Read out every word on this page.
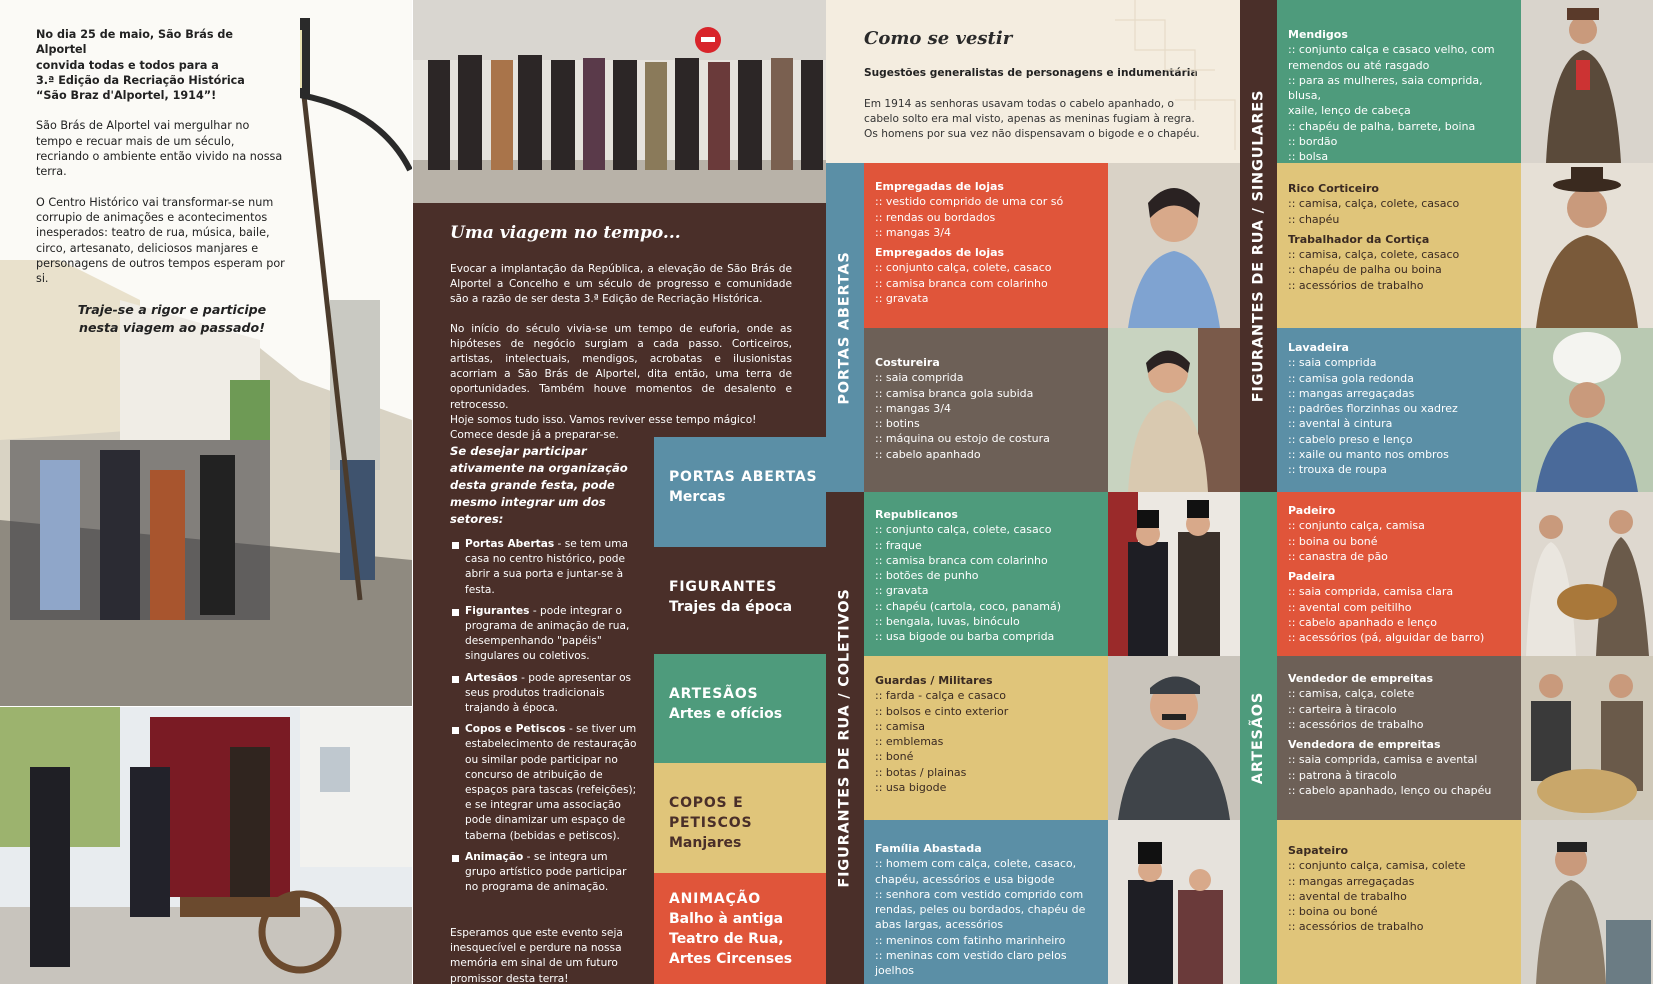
No dia 25 de maio, São Brás de Alportel
convida todas e todos para a
3.ª Edição da Recriação Histórica
“São Braz d'Alportel, 1914”!

São Brás de Alportel vai mergulhar no tempo e recuar mais de um século, recriando o ambiente então vivido na nossa terra.

O Centro Histórico vai transformar-se num corrupio de animações e acontecimentos inesperados: teatro de rua, música, baile, circo, artesanato, deliciosos manjares e personagens de outros tempos esperam por si.

Traje-se a rigor e participe nesta viagem ao passado!

Uma viagem no tempo...

Evocar a implantação da República, a elevação de São Brás de Alportel a Concelho e um século de progresso e comunidade são a razão de ser desta 3.ª Edição de Recriação Histórica.

No início do século vivia-se um tempo de euforia, onde as hipóteses de negócio surgiam a cada passo. Corticeiros, artistas, intelectuais, mendigos, acrobatas e ilusionistas acorriam a São Brás de Alportel, dita então, uma terra de oportunidades. Também houve momentos de desalento e retrocesso.
Hoje somos tudo isso. Vamos reviver esse tempo mágico!
Comece desde já a preparar-se.

Se desejar participar ativamente na organização desta grande festa, pode mesmo integrar um dos setores:
Portas Abertas - se tem uma casa no centro histórico, pode abrir a sua porta e juntar-se à festa.
Figurantes - pode integrar o programa de animação de rua, desempenhando "papéis" singulares ou coletivos.
Artesãos - pode apresentar os seus produtos tradicionais trajando à época.
Copos e Petiscos - se tiver um estabelecimento de restauração ou similar pode participar no concurso de atribuição de espaços para tascas (refeições); e se integrar uma associação pode dinamizar um espaço de taberna (bebidas e petiscos).
Animação - se integra um grupo artístico pode participar no programa de animação.
Esperamos que este evento seja inesquecível e perdure na nossa memória em sinal de um futuro promissor desta terra!
PORTAS ABERTAS
Mercas
FIGURANTES
Trajes da época
ARTESÃOS
Artes e ofícios
COPOS E PETISCOS
Manjares
ANIMAÇÃO
Balho à antiga
Teatro de Rua,
Artes Circenses
Como se vestir
Sugestões generalistas de personagens e indumentária
Em 1914 as senhoras usavam todas o cabelo apanhado, o cabelo solto era mal visto, apenas as meninas fugiam à regra. Os homens por sua vez não dispensavam o bigode e o chapéu.
PORTAS ABERTAS
FIGURANTES DE RUA / COLETIVOS
Empregadas de lojas
:: vestido comprido de uma cor só
:: rendas ou bordados
:: mangas 3/4
Empregados de lojas
:: conjunto calça, colete, casaco
:: camisa branca com colarinho
:: gravata
Costureira
:: saia comprida
:: camisa branca gola subida
:: mangas 3/4
:: botins
:: máquina ou estojo de costura
:: cabelo apanhado
Republicanos
:: conjunto calça, colete, casaco
:: fraque
:: camisa branca com colarinho
:: botões de punho
:: gravata
:: chapéu (cartola, coco, panamá)
:: bengala, luvas, binóculo
:: usa bigode ou barba comprida
Guardas / Militares
:: farda - calça e casaco
:: bolsos e cinto exterior
:: camisa
:: emblemas
:: boné
:: botas / plainas
:: usa bigode
Família Abastada
:: homem com calça, colete, casaco,
chapéu, acessórios e usa bigode
:: senhora com vestido comprido com
rendas, peles ou bordados, chapéu de
abas largas, acessórios
:: meninos com fatinho marinheiro
:: meninas com vestido claro pelos joelhos
FIGURANTES DE RUA / SINGULARES
ARTESÃOS
Mendigos
:: conjunto calça e casaco velho, com
remendos ou até rasgado
:: para as mulheres, saia comprida, blusa,
xaile, lenço de cabeça
:: chapéu de palha, barrete, boina
:: bordão
:: bolsa
Rico Corticeiro
:: camisa, calça, colete, casaco
:: chapéu
Trabalhador da Cortiça
:: camisa, calça, colete, casaco
:: chapéu de palha ou boina
:: acessórios de trabalho
Lavadeira
:: saia comprida
:: camisa gola redonda
:: mangas arregaçadas
:: padrões florzinhas ou xadrez
:: avental à cintura
:: cabelo preso e lenço
:: xaile ou manto nos ombros
:: trouxa de roupa
Padeiro
:: conjunto calça, camisa
:: boina ou boné
:: canastra de pão
Padeira
:: saia comprida, camisa clara
:: avental com peitilho
:: cabelo apanhado e lenço
:: acessórios (pá, alguidar de barro)
Vendedor de empreitas
:: camisa, calça, colete
:: carteira à tiracolo
:: acessórios de trabalho
Vendedora de empreitas
:: saia comprida, camisa e avental
:: patrona à tiracolo
:: cabelo apanhado, lenço ou chapéu
Sapateiro
:: conjunto calça, camisa, colete
:: mangas arregaçadas
:: avental de trabalho
:: boina ou boné
:: acessórios de trabalho
